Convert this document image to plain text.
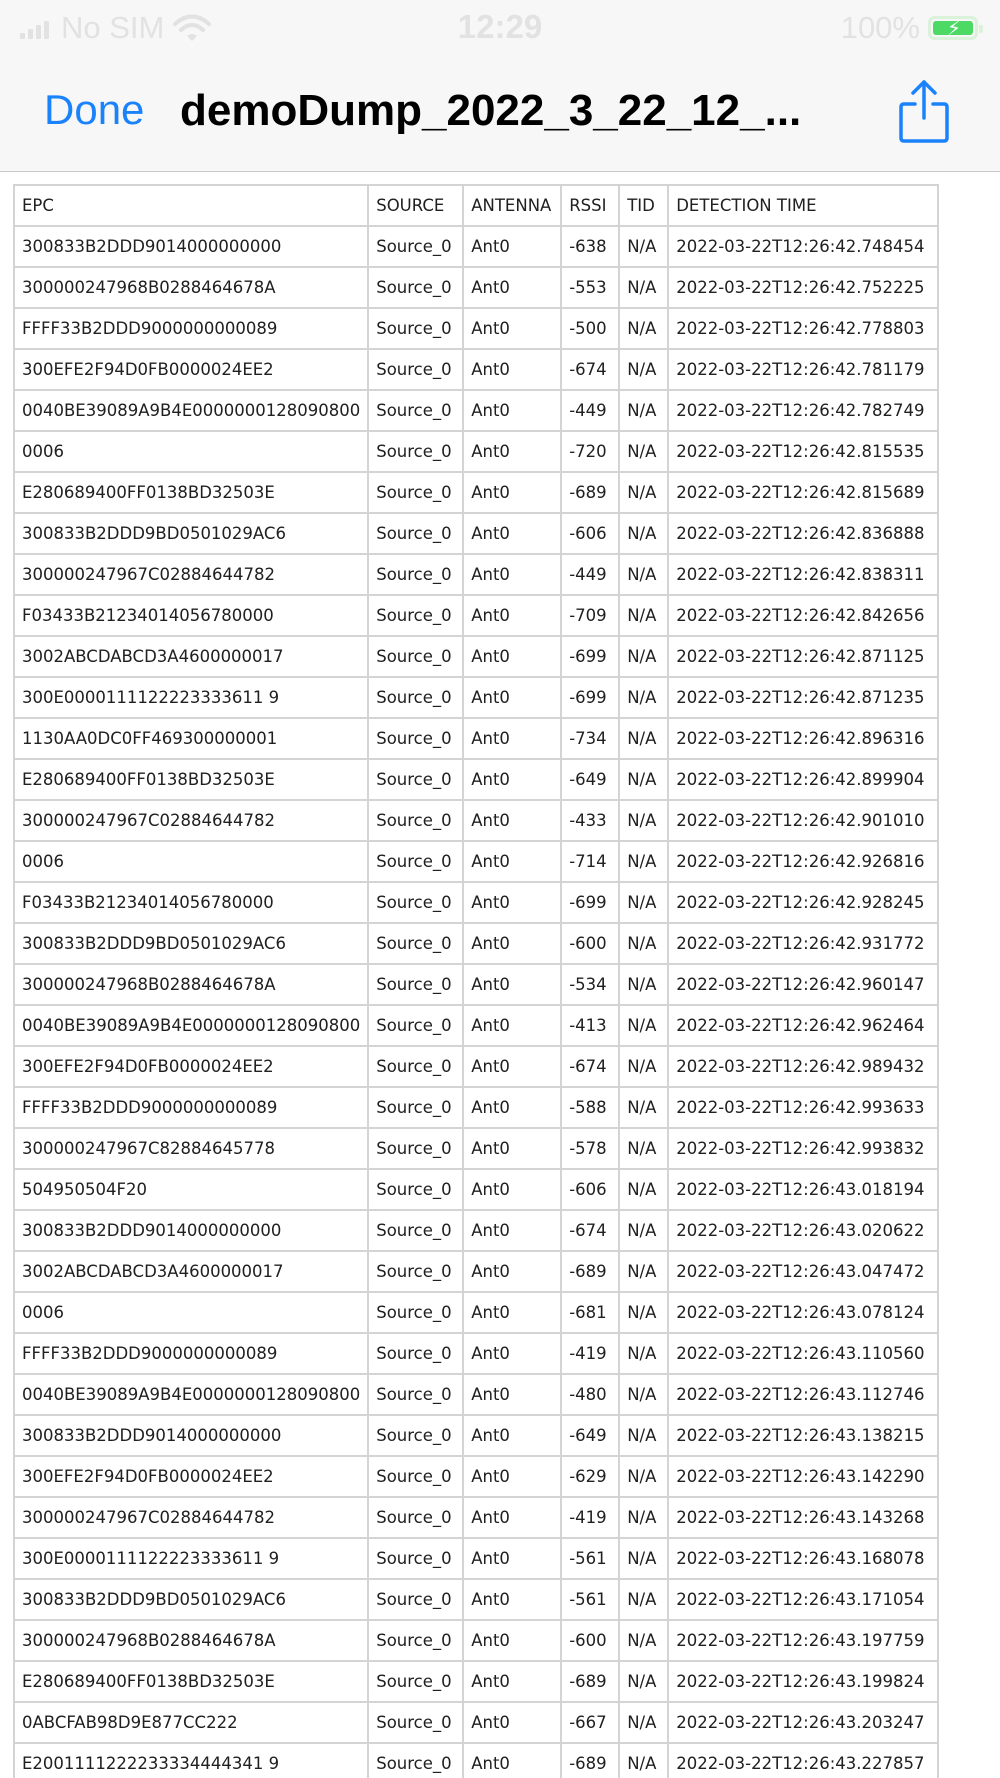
No SIM	12:29	100% ⚡
Done demoDump_2022_3_22_12_...
EPC	SOURCE	ANTENNA	RSSI	TID	DETECTION TIME
300833B2DDD9014000000000	Source_0	Ant0	-638	N/A	2022-03-22T12:26:42.748454
300000247968B0288464678A	Source_0	Ant0	-553	N/A	2022-03-22T12:26:42.752225
FFFF33B2DDD9000000000089	Source_0	Ant0	-500	N/A	2022-03-22T12:26:42.778803
300EFE2F94D0FB0000024EE2	Source_0	Ant0	-674	N/A	2022-03-22T12:26:42.781179
0040BE39089A9B4E0000000128090800	Source_0	Ant0	-449	N/A	2022-03-22T12:26:42.782749
0006	Source_0	Ant0	-720	N/A	2022-03-22T12:26:42.815535
E280689400FF0138BD32503E	Source_0	Ant0	-689	N/A	2022-03-22T12:26:42.815689
300833B2DDD9BD0501029AC6	Source_0	Ant0	-606	N/A	2022-03-22T12:26:42.836888
300000247967C02884644782	Source_0	Ant0	-449	N/A	2022-03-22T12:26:42.838311
F03433B21234014056780000	Source_0	Ant0	-709	N/A	2022-03-22T12:26:42.842656
3002ABCDABCD3A4600000017	Source_0	Ant0	-699	N/A	2022-03-22T12:26:42.871125
300E0000111122223333611 9	Source_0	Ant0	-699	N/A	2022-03-22T12:26:42.871235
1130AA0DC0FF469300000001	Source_0	Ant0	-734	N/A	2022-03-22T12:26:42.896316
E280689400FF0138BD32503E	Source_0	Ant0	-649	N/A	2022-03-22T12:26:42.899904
300000247967C02884644782	Source_0	Ant0	-433	N/A	2022-03-22T12:26:42.901010
0006	Source_0	Ant0	-714	N/A	2022-03-22T12:26:42.926816
F03433B21234014056780000	Source_0	Ant0	-699	N/A	2022-03-22T12:26:42.928245
300833B2DDD9BD0501029AC6	Source_0	Ant0	-600	N/A	2022-03-22T12:26:42.931772
300000247968B0288464678A	Source_0	Ant0	-534	N/A	2022-03-22T12:26:42.960147
0040BE39089A9B4E0000000128090800	Source_0	Ant0	-413	N/A	2022-03-22T12:26:42.962464
300EFE2F94D0FB0000024EE2	Source_0	Ant0	-674	N/A	2022-03-22T12:26:42.989432
FFFF33B2DDD9000000000089	Source_0	Ant0	-588	N/A	2022-03-22T12:26:42.993633
300000247967C82884645778	Source_0	Ant0	-578	N/A	2022-03-22T12:26:42.993832
504950504F20	Source_0	Ant0	-606	N/A	2022-03-22T12:26:43.018194
300833B2DDD9014000000000	Source_0	Ant0	-674	N/A	2022-03-22T12:26:43.020622
3002ABCDABCD3A4600000017	Source_0	Ant0	-689	N/A	2022-03-22T12:26:43.047472
0006	Source_0	Ant0	-681	N/A	2022-03-22T12:26:43.078124
FFFF33B2DDD9000000000089	Source_0	Ant0	-419	N/A	2022-03-22T12:26:43.110560
0040BE39089A9B4E0000000128090800	Source_0	Ant0	-480	N/A	2022-03-22T12:26:43.112746
300833B2DDD9014000000000	Source_0	Ant0	-649	N/A	2022-03-22T12:26:43.138215
300EFE2F94D0FB0000024EE2	Source_0	Ant0	-629	N/A	2022-03-22T12:26:43.142290
300000247967C02884644782	Source_0	Ant0	-419	N/A	2022-03-22T12:26:43.143268
300E0000111122223333611 9	Source_0	Ant0	-561	N/A	2022-03-22T12:26:43.168078
300833B2DDD9BD0501029AC6	Source_0	Ant0	-561	N/A	2022-03-22T12:26:43.171054
300000247968B0288464678A	Source_0	Ant0	-600	N/A	2022-03-22T12:26:43.197759
E280689400FF0138BD32503E	Source_0	Ant0	-689	N/A	2022-03-22T12:26:43.199824
0ABCFAB98D9E877CC222	Source_0	Ant0	-667	N/A	2022-03-22T12:26:43.203247
E2001111222233334444341 9	Source_0	Ant0	-689	N/A	2022-03-22T12:26:43.227857
